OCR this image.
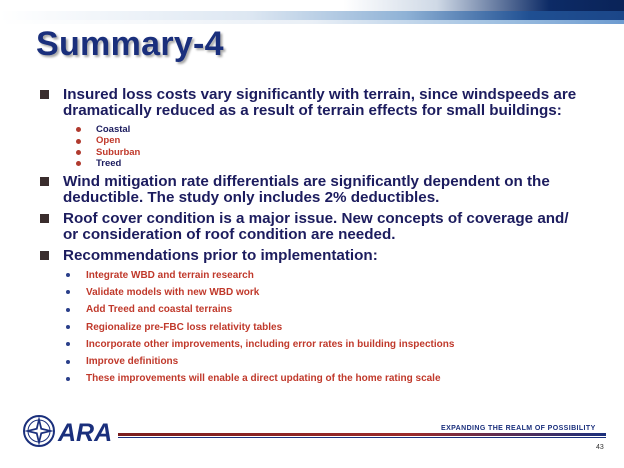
Summary-4
Insured loss costs vary significantly with terrain, since windspeeds are
dramatically reduced as a result of terrain effects for small buildings:
Coastal
Open
Suburban
Treed
Wind mitigation rate differentials are significantly dependent on the
deductible. The study only includes 2% deductibles.
Roof cover condition is a major issue. New concepts of coverage and/
or consideration of roof condition are needed.
Recommendations prior to implementation:
Integrate WBD and terrain research
Validate models with new WBD work
Add Treed and coastal terrains
Regionalize pre-FBC loss relativity tables
Incorporate other improvements, including error rates in building inspections
Improve definitions
These improvements will enable a direct updating of the home rating scale
ARA	EXPANDING THE REALM OF POSSIBILITY
43
